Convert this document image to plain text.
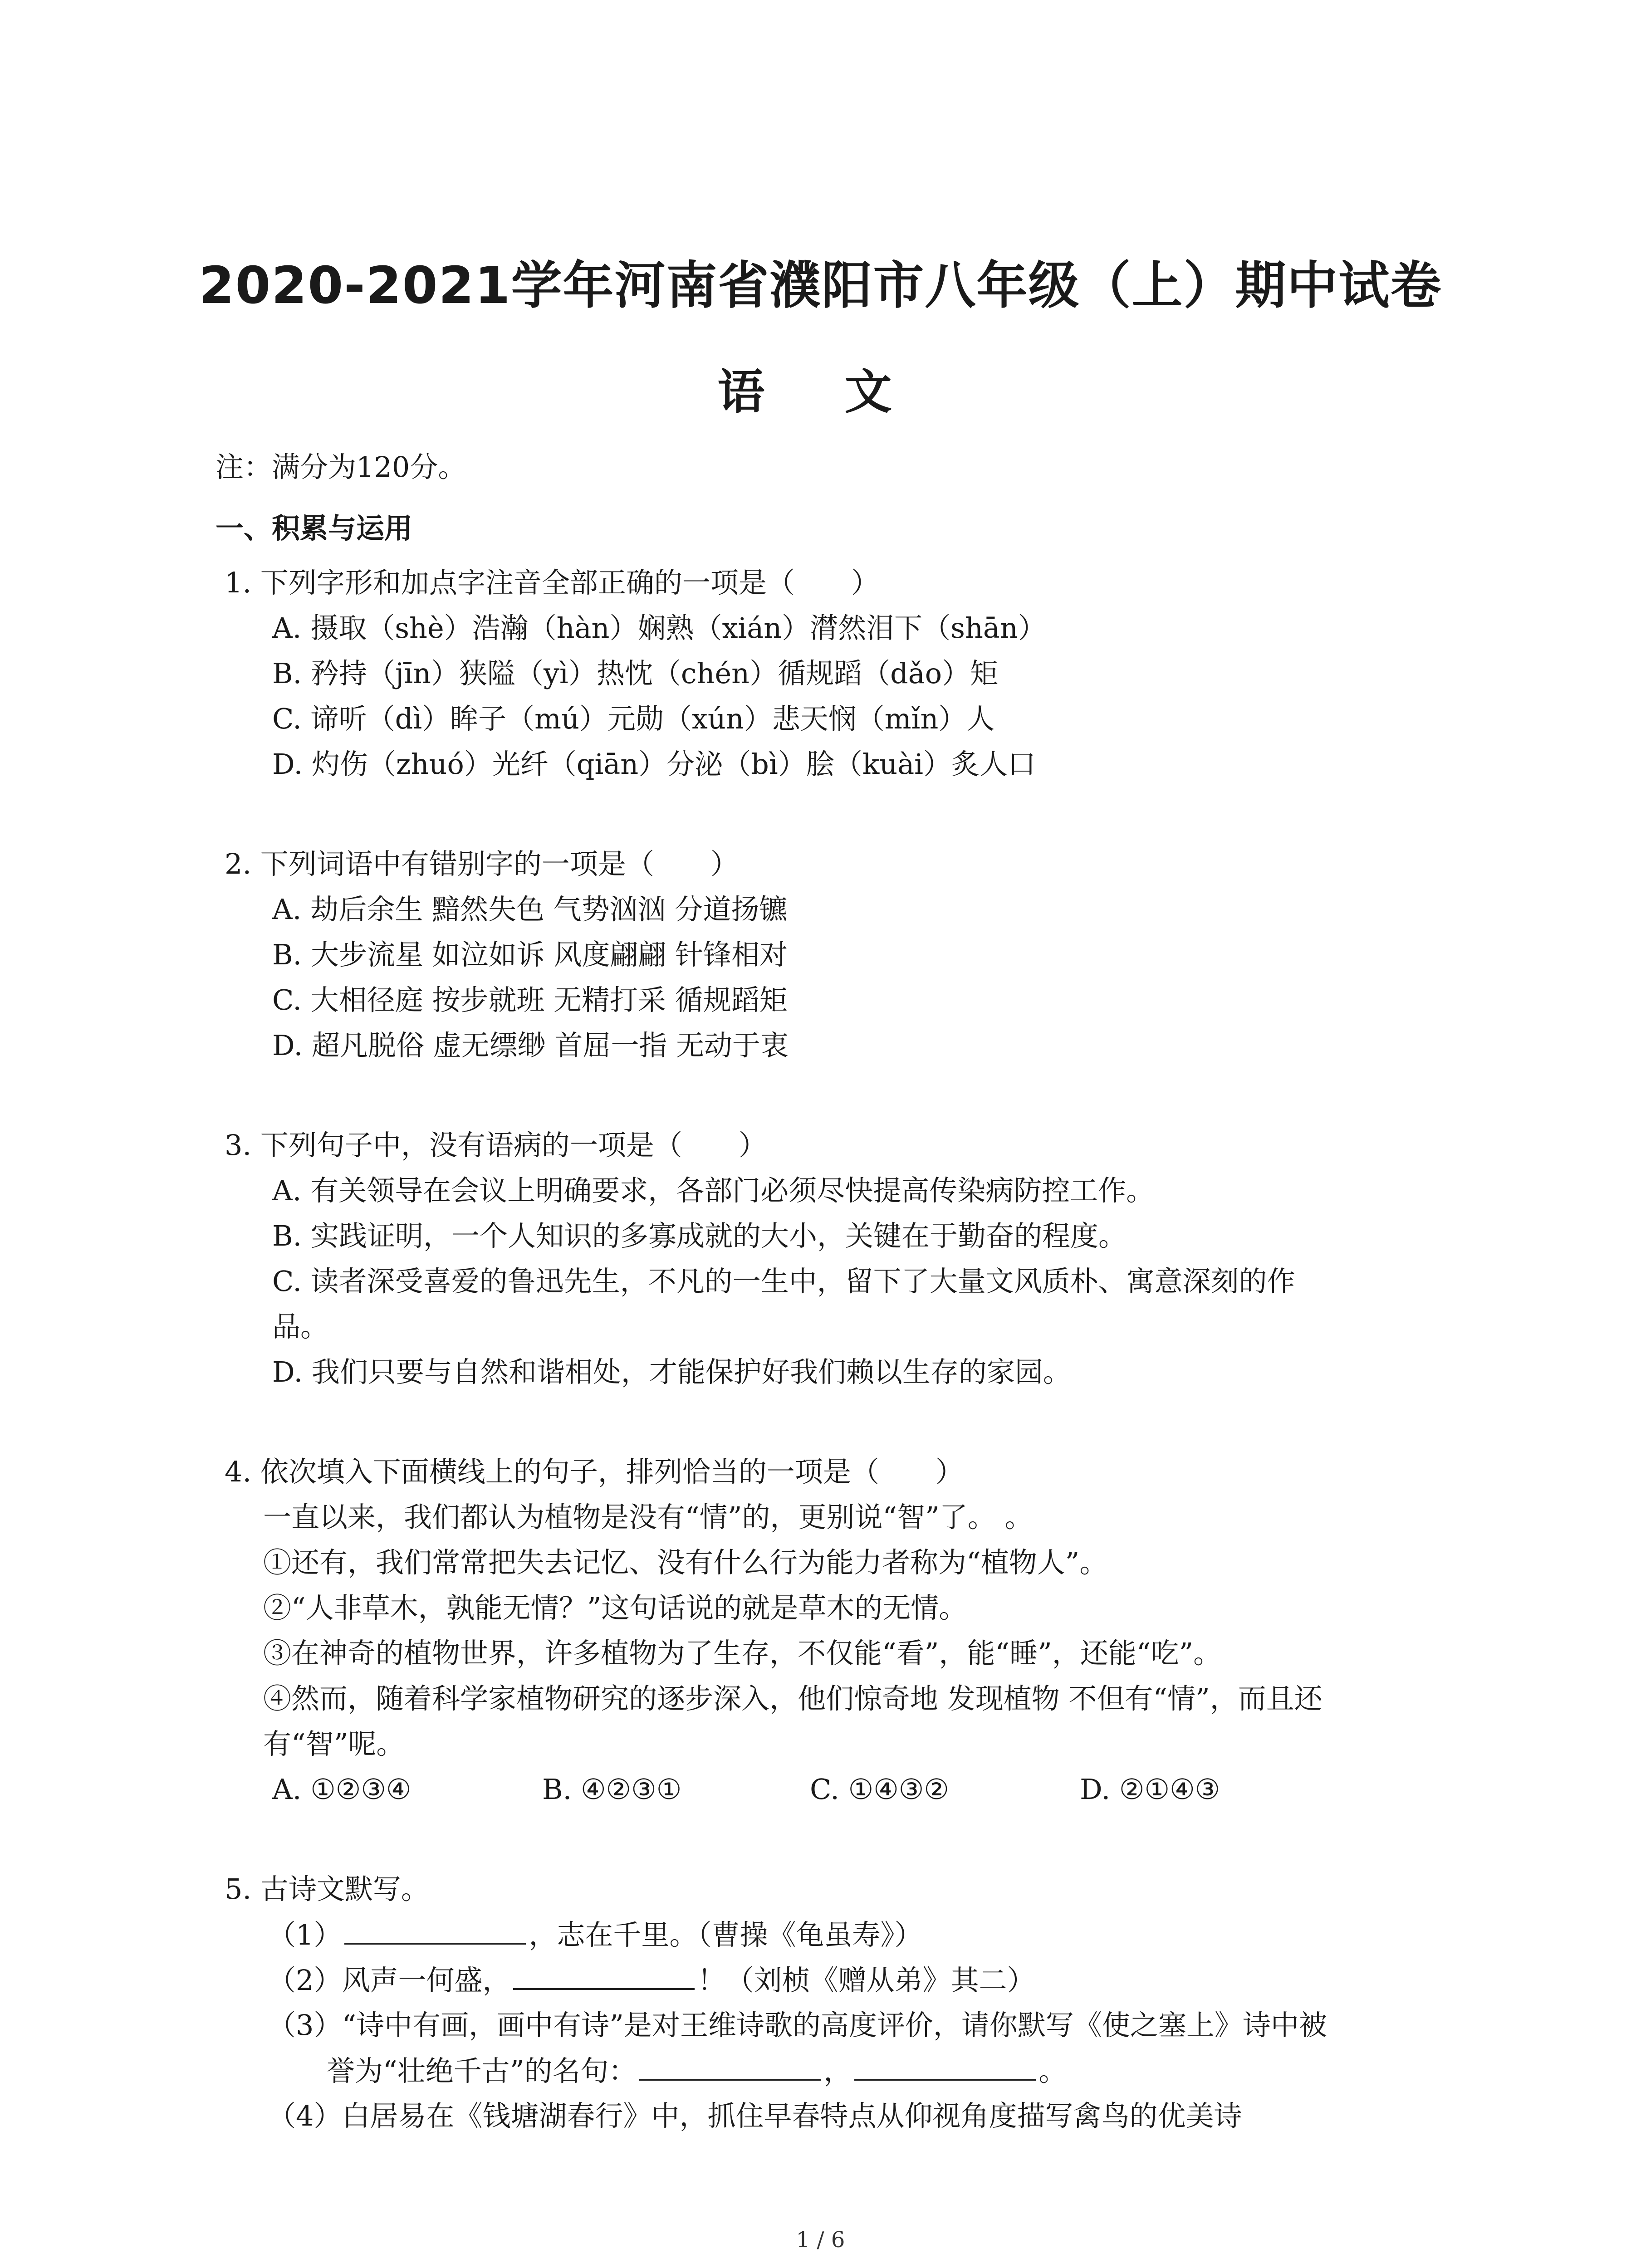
2020-2021学年河南省濮阳市八年级（上）期中试卷
语 文
注：满分为120分。
一、积累与运用
1. 下列字形和加点字注音全部正确的一项是（　　）
A. 摄取（shè）浩瀚（hàn）娴熟（xián）潸然泪下（shān）
B. 矜持（jīn）狭隘（yì）热忱（chén）循规蹈（dǎo）矩
C. 谛听（dì）眸子（mú）元勋（xún）悲天悯（mǐn）人
D. 灼伤（zhuó）光纤（qiān）分泌（bì）脍（kuài）炙人口
2. 下列词语中有错别字的一项是（　　）
A. 劫后余生 黯然失色 气势汹汹 分道扬镳
B. 大步流星 如泣如诉 风度翩翩 针锋相对
C. 大相径庭 按步就班 无精打采 循规蹈矩
D. 超凡脱俗 虚无缥缈 首屈一指 无动于衷
3. 下列句子中，没有语病的一项是（　　）
A. 有关领导在会议上明确要求，各部门必须尽快提高传染病防控工作。
B. 实践证明，一个人知识的多寡成就的大小，关键在于勤奋的程度。
C. 读者深受喜爱的鲁迅先生，不凡的一生中，留下了大量文风质朴、寓意深刻的作
品。
D. 我们只要与自然和谐相处，才能保护好我们赖以生存的家园。
4. 依次填入下面横线上的句子，排列恰当的一项是（　　）
一直以来，我们都认为植物是没有“情”的，更别说“智”了。 。
①还有，我们常常把失去记忆、没有什么行为能力者称为“植物人”。
②“人非草木，孰能无情？”这句话说的就是草木的无情。
③在神奇的植物世界，许多植物为了生存，不仅能“看”，能“睡”，还能“吃”。
④然而，随着科学家植物研究的逐步深入，他们惊奇地 发现植物 不但有“情”，而且还
有“智”呢。
A. ①②③④	B. ④②③①	C. ①④③②	D. ②①④③
5. 古诗文默写。
（1）	，志在千里。（曹操《龟虽寿》）
（2）风声一何盛，	！（刘桢《赠从弟》其二）
（3）“诗中有画，画中有诗”是对王维诗歌的高度评价，请你默写《使之塞上》诗中被
誉为“壮绝千古”的名句：	，	。
（4）白居易在《钱塘湖春行》中，抓住早春特点从仰视角度描写禽鸟的优美诗
1 / 6
